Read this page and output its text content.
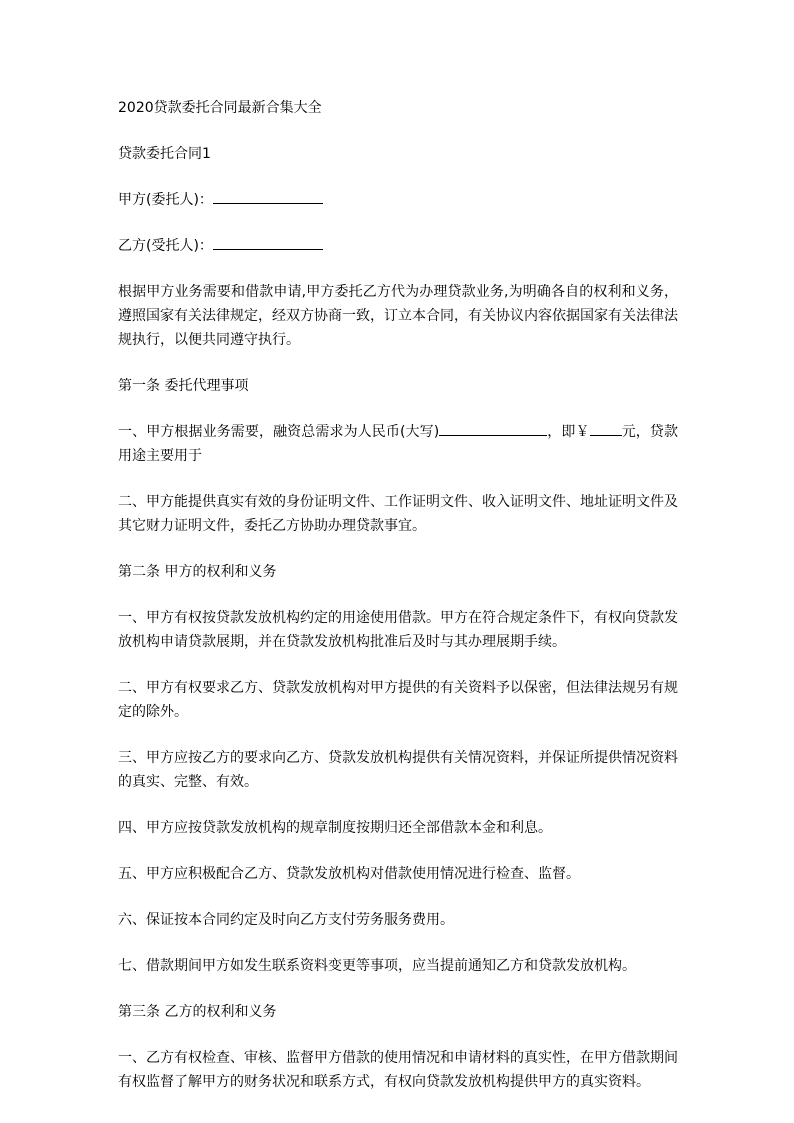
2020贷款委托合同最新合集大全

贷款委托合同1

甲方(委托人)：

乙方(受托人)：

根据甲方业务需要和借款申请,甲方委托乙方代为办理贷款业务,为明确各自的权利和义务，遵照国家有关法律规定，经双方协商一致，订立本合同，有关协议内容依据国家有关法律法规执行，以便共同遵守执行。

第一条 委托代理事项

一、甲方根据业务需要，融资总需求为人民币(大写)	，即￥ 元，贷款用途主要用于

二、甲方能提供真实有效的身份证明文件、工作证明文件、收入证明文件、地址证明文件及其它财力证明文件，委托乙方协助办理贷款事宜。

第二条 甲方的权利和义务

一、甲方有权按贷款发放机构约定的用途使用借款。甲方在符合规定条件下，有权向贷款发放机构申请贷款展期，并在贷款发放机构批准后及时与其办理展期手续。

二、甲方有权要求乙方、贷款发放机构对甲方提供的有关资料予以保密，但法律法规另有规定的除外。

三、甲方应按乙方的要求向乙方、贷款发放机构提供有关情况资料，并保证所提供情况资料的真实、完整、有效。

四、甲方应按贷款发放机构的规章制度按期归还全部借款本金和利息。

五、甲方应积极配合乙方、贷款发放机构对借款使用情况进行检查、监督。

六、保证按本合同约定及时向乙方支付劳务服务费用。

七、借款期间甲方如发生联系资料变更等事项，应当提前通知乙方和贷款发放机构。

第三条 乙方的权利和义务

一、乙方有权检查、审核、监督甲方借款的使用情况和申请材料的真实性，在甲方借款期间有权监督了解甲方的财务状况和联系方式，有权向贷款发放机构提供甲方的真实资料。
